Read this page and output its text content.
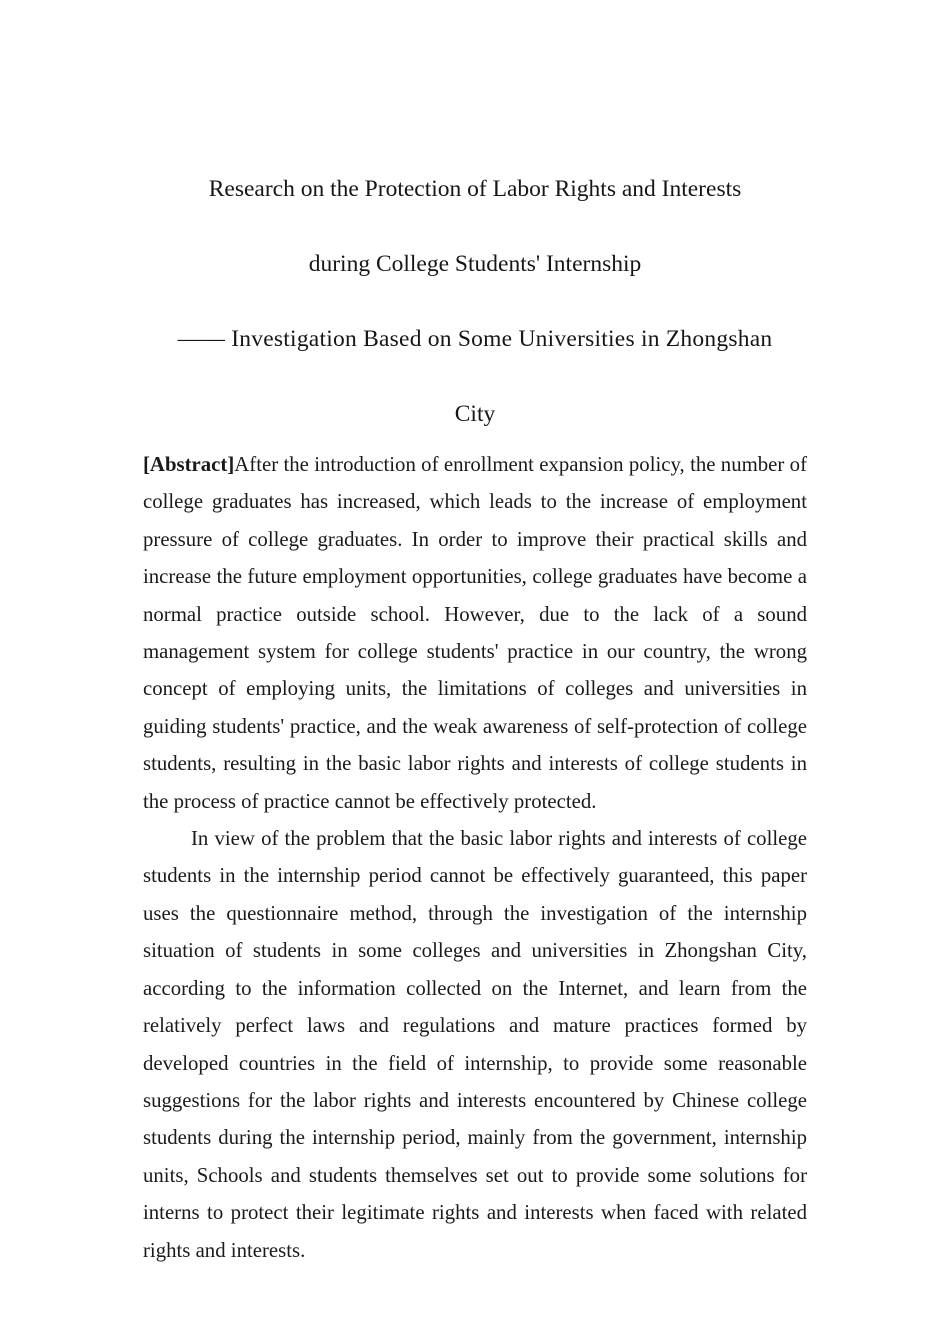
Research on the Protection of Labor Rights and Interests
during College Students' Internship
—— Investigation Based on Some Universities in Zhongshan
City

[Abstract]After the introduction of enrollment expansion policy, the number of college graduates has increased, which leads to the increase of employment pressure of college graduates. In order to improve their practical skills and increase the future employment opportunities, college graduates have become a normal practice outside school. However, due to the lack of a sound management system for college students' practice in our country, the wrong concept of employing units, the limitations of colleges and universities in guiding students' practice, and the weak awareness of self-protection of college students, resulting in the basic labor rights and interests of college students in the process of practice cannot be effectively protected.

In view of the problem that the basic labor rights and interests of college students in the internship period cannot be effectively guaranteed, this paper uses the questionnaire method, through the investigation of the internship situation of students in some colleges and universities in Zhongshan City, according to the information collected on the Internet, and learn from the relatively perfect laws and regulations and mature practices formed by developed countries in the field of internship, to provide some reasonable suggestions for the labor rights and interests encountered by Chinese college students during the internship period, mainly from the government, internship units, Schools and students themselves set out to provide some solutions for interns to protect their legitimate rights and interests when faced with related rights and interests.
